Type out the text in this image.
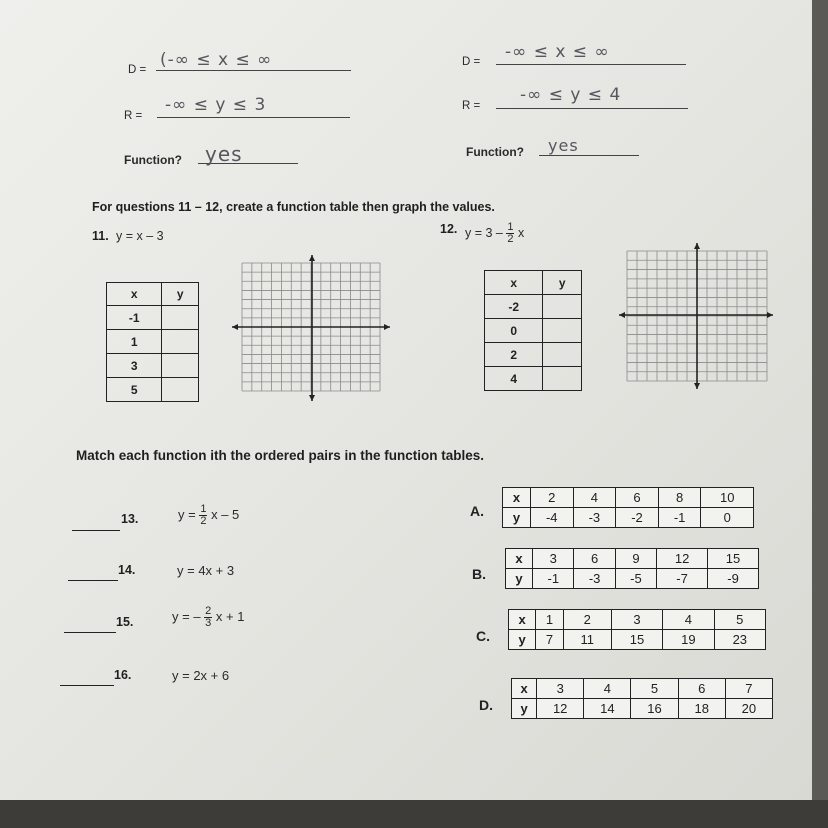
D = (-∞ ≤ x ≤ ∞
R =
-∞ ≤ y ≤ 3
Function? yes
D = -∞ ≤ x ≤ ∞
R =
-∞ ≤ y ≤ 4
Function? yes
For questions 11 – 12, create a function table then graph the values.
11. y = x – 3
x	y
-1	
1	
3	
5	
12. $y = 3 - \frac{1}{2}$ x
x	y
-2	
0	
2	
4	
Match each function ith the ordered pairs in the function tables.
13.	$y = \frac{1}{2}$ x – 5
14.	y = 4x + 3
15.	y = – $\frac{2}{3}$ x + 1
16.	y = 2x + 6
A.
x	2	4	6	8	10
y	-4	-3	-2	-1	0
B.
x	3	6	9	12	15
y	-1	-3	-5	-7	-9
C.
x	1	2	3	4	5
y	7	11	15	19	23
D.
x	3	4	5	6	7
y	12	14	16	18	20
